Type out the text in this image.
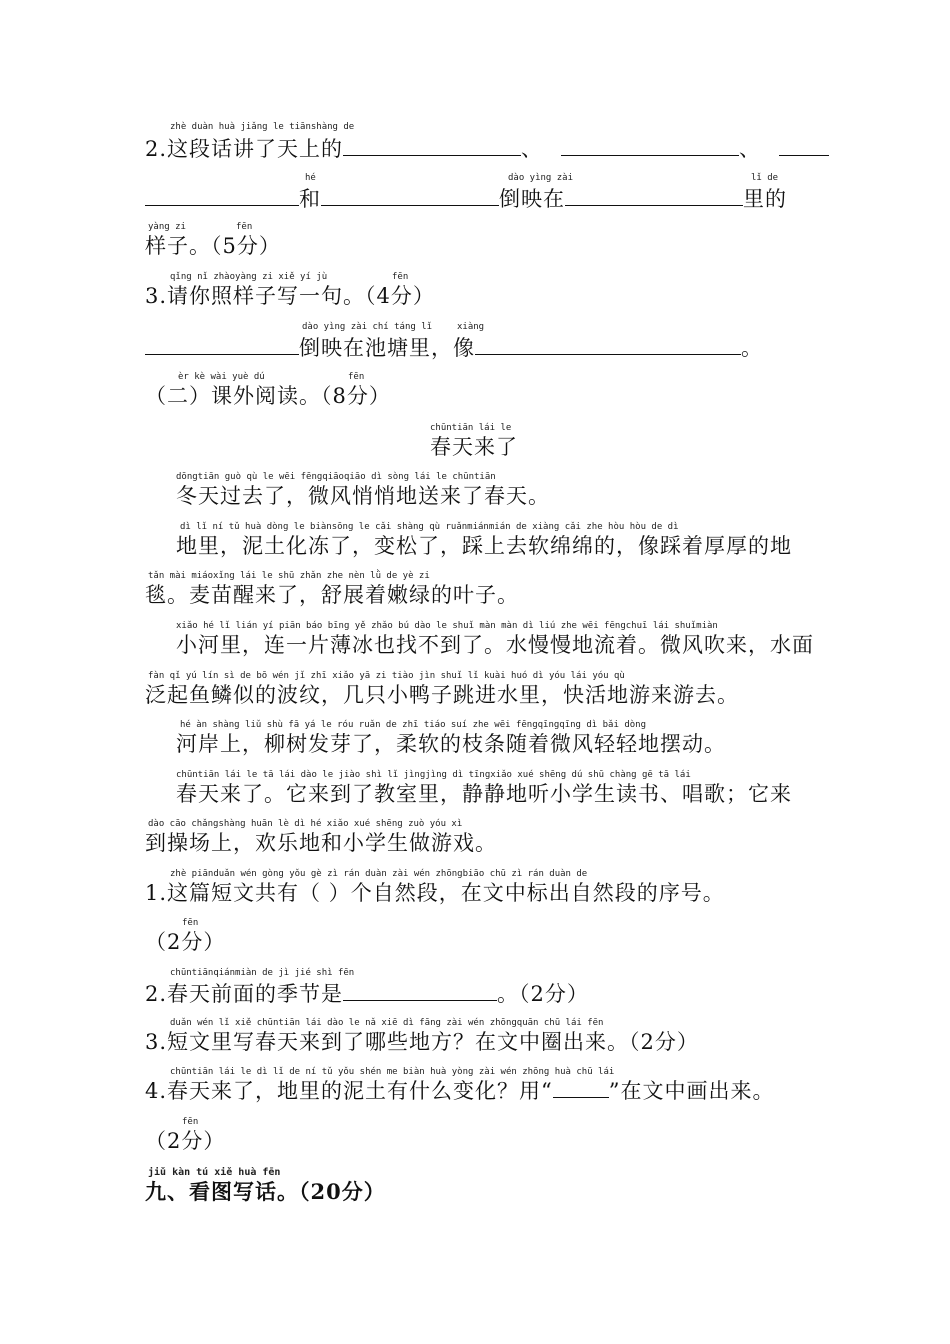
zhè duàn huà jiǎng le tiānshàng de
2.这段话讲了天上的	、	、
hé	dào yìng zài	lǐ de
和	倒映在	里的
yàng zi	fēn
样子。（5分）
qǐng nǐ zhàoyàng zi xiě yí jù	fēn
3.请你照样子写一句。（4分）
dào yìng zài chí táng lǐ	xiàng
倒映在池塘里，像	。
èr kè wài yuè dú	fēn
（二）课外阅读。（8分）
chūntiān lái le
春天来了
dōngtiān guò qù le wēi fēngqiāoqiāo dì sòng lái le chūntiān
冬天过去了，微风悄悄地送来了春天。
dì lǐ ní tǔ huà dòng le biànsōng le cǎi shàng qù ruǎnmiánmián de xiàng cǎi zhe hòu hòu de dì
地里，泥土化冻了，变松了，踩上去软绵绵的，像踩着厚厚的地
tǎn mài miáoxǐng lái le shū zhǎn zhe nèn lǜ de yè zi
毯。麦苗醒来了，舒展着嫩绿的叶子。
xiǎo hé lǐ lián yí piān báo bīng yě zhǎo bú dào le shuǐ màn màn dì liú zhe wēi fēngchuī lái shuǐmiàn
小河里，连一片薄冰也找不到了。水慢慢地流着。微风吹来，水面
fàn qǐ yú lín sì de bō wén jǐ zhī xiǎo yā zi tiào jìn shuǐ lǐ kuài huó dì yóu lái yóu qù
泛起鱼鳞似的波纹，几只小鸭子跳进水里，快活地游来游去。
hé àn shàng liǔ shù fā yá le róu ruǎn de zhī tiáo suí zhe wēi fēngqīngqīng dì bǎi dòng
河岸上，柳树发芽了，柔软的枝条随着微风轻轻地摆动。
chūntiān lái le tā lái dào le jiào shì lǐ jìngjìng dì tīngxiǎo xué shēng dú shū chàng gē tā lái
春天来了。它来到了教室里，静静地听小学生读书、唱歌；它来
dào cāo chǎngshàng huān lè dì hé xiǎo xué shēng zuò yóu xì
到操场上，欢乐地和小学生做游戏。
zhè piānduǎn wén gòng yǒu gè zì rán duàn zài wén zhōngbiāo chū zì rán duàn de
1.这篇短文共有（ ）个自然段，在文中标出自然段的序号。
fēn
（2分）
chūntiānqiánmiàn de jì jié shì fēn
2.春天前面的季节是	。（2分）
duǎn wén lǐ xiě chūntiān lái dào le nǎ xiē dì fāng zài wén zhōngquān chū lái fēn
3.短文里写春天来到了哪些地方？在文中圈出来。（2分）
chūntiān lái le dì lǐ de ní tǔ yǒu shén me biàn huà yòng zài wén zhōng huà chū lái
4.春天来了，地里的泥土有什么变化？用“	”在文中画出来。
fēn
（2分）
jiǔ kàn tú xiě huà fēn
九、看图写话。（20分）
